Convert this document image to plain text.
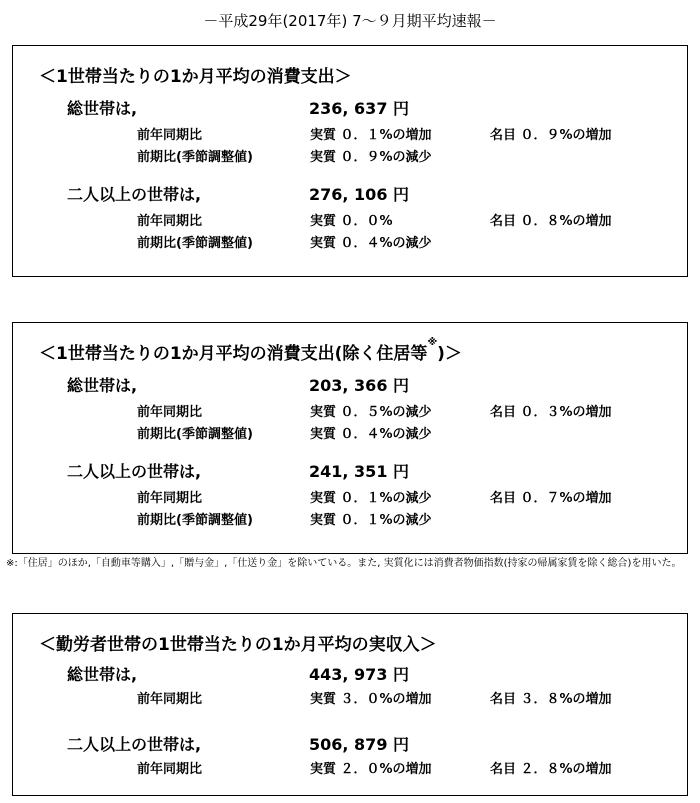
－平成29年(2017年) 7～９月期平均速報－
＜1世帯当たりの1か月平均の消費支出＞
総世帯は,	236, 637 円
前年同期比	実質 ０．１%の増加	名目 ０．９%の増加
前期比(季節調整値)	実質 ０．９%の減少
二人以上の世帯は,	276, 106 円
前年同期比	実質 ０．０%	名目 ０．８%の増加
前期比(季節調整値)	実質 ０．４%の減少
＜1世帯当たりの1か月平均の消費支出(除く住居等※)＞
総世帯は,	203, 366 円
前年同期比	実質 ０．５%の減少	名目 ０．３%の増加
前期比(季節調整値)	実質 ０．４%の減少
二人以上の世帯は,	241, 351 円
前年同期比	実質 ０．１%の減少	名目 ０．７%の増加
前期比(季節調整値)	実質 ０．１%の減少
※:「住居」のほか,「自動車等購入」,「贈与金」,「仕送り金」を除いている。また, 実質化には消費者物価指数(持家の帰属家賃を除く総合)を用いた。
＜勤労者世帯の1世帯当たりの1か月平均の実収入＞
総世帯は,	443, 973 円
前年同期比	実質 ３．０%の増加	名目 ３．８%の増加
二人以上の世帯は,	506, 879 円
前年同期比	実質 ２．０%の増加	名目 ２．８%の増加
